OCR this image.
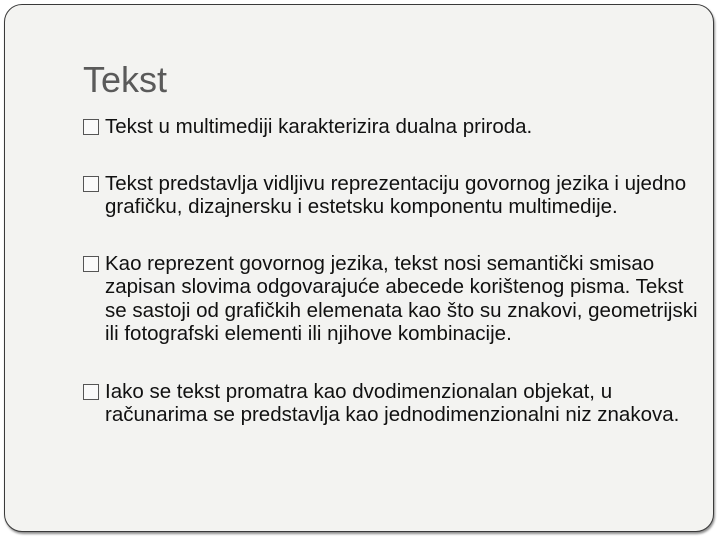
Tekst
Tekst u multimediji karakterizira dualna priroda.
Tekst predstavlja vidljivu reprezentaciju govornog jezika i ujedno grafičku, dizajnersku i estetsku komponentu multimedije.
Kao reprezent govornog jezika, tekst nosi semantički smisao zapisan slovima odgovarajuće abecede korištenog pisma. Tekst se sastoji od grafičkih elemenata kao što su znakovi, geometrijski ili fotografski elementi ili njihove kombinacije.
Iako se tekst promatra kao dvodimenzionalan objekat, u računarima se predstavlja kao jednodimenzionalni niz znakova.
